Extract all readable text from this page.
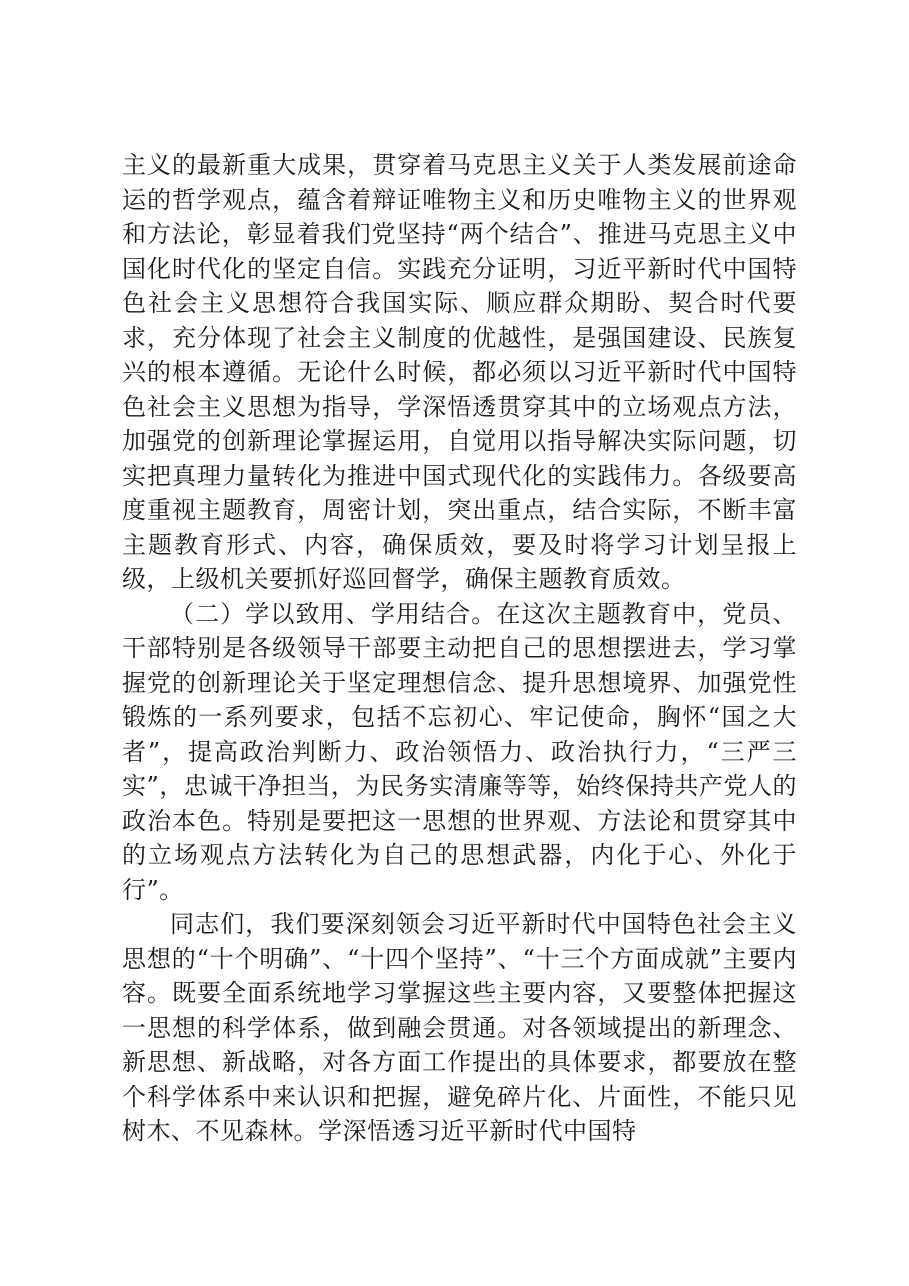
主义的最新重大成果，贯穿着马克思主义关于人类发展前途命运的哲学观点，蕴含着辩证唯物主义和历史唯物主义的世界观和方法论，彰显着我们党坚持“两个结合”、推进马克思主义中国化时代化的坚定自信。实践充分证明，习近平新时代中国特色社会主义思想符合我国实际、顺应群众期盼、契合时代要求，充分体现了社会主义制度的优越性，是强国建设、民族复兴的根本遵循。无论什么时候，都必须以习近平新时代中国特色社会主义思想为指导，学深悟透贯穿其中的立场观点方法，加强党的创新理论掌握运用，自觉用以指导解决实际问题，切实把真理力量转化为推进中国式现代化的实践伟力。各级要高度重视主题教育，周密计划，突出重点，结合实际，不断丰富主题教育形式、内容，确保质效，要及时将学习计划呈报上级，上级机关要抓好巡回督学，确保主题教育质效。

（二）学以致用、学用结合。在这次主题教育中，党员、干部特别是各级领导干部要主动把自己的思想摆进去，学习掌握党的创新理论关于坚定理想信念、提升思想境界、加强党性锻炼的一系列要求，包括不忘初心、牢记使命，胸怀“国之大者”，提高政治判断力、政治领悟力、政治执行力，“三严三实”，忠诚干净担当，为民务实清廉等等，始终保持共产党人的政治本色。特别是要把这一思想的世界观、方法论和贯穿其中的立场观点方法转化为自己的思想武器，内化于心、外化于行”。

同志们，我们要深刻领会习近平新时代中国特色社会主义思想的“十个明确”、“十四个坚持”、“十三个方面成就”主要内容。既要全面系统地学习掌握这些主要内容，又要整体把握这一思想的科学体系，做到融会贯通。对各领域提出的新理念、新思想、新战略，对各方面工作提出的具体要求，都要放在整个科学体系中来认识和把握，避免碎片化、片面性，不能只见树木、不见森林。学深悟透习近平新时代中国特
